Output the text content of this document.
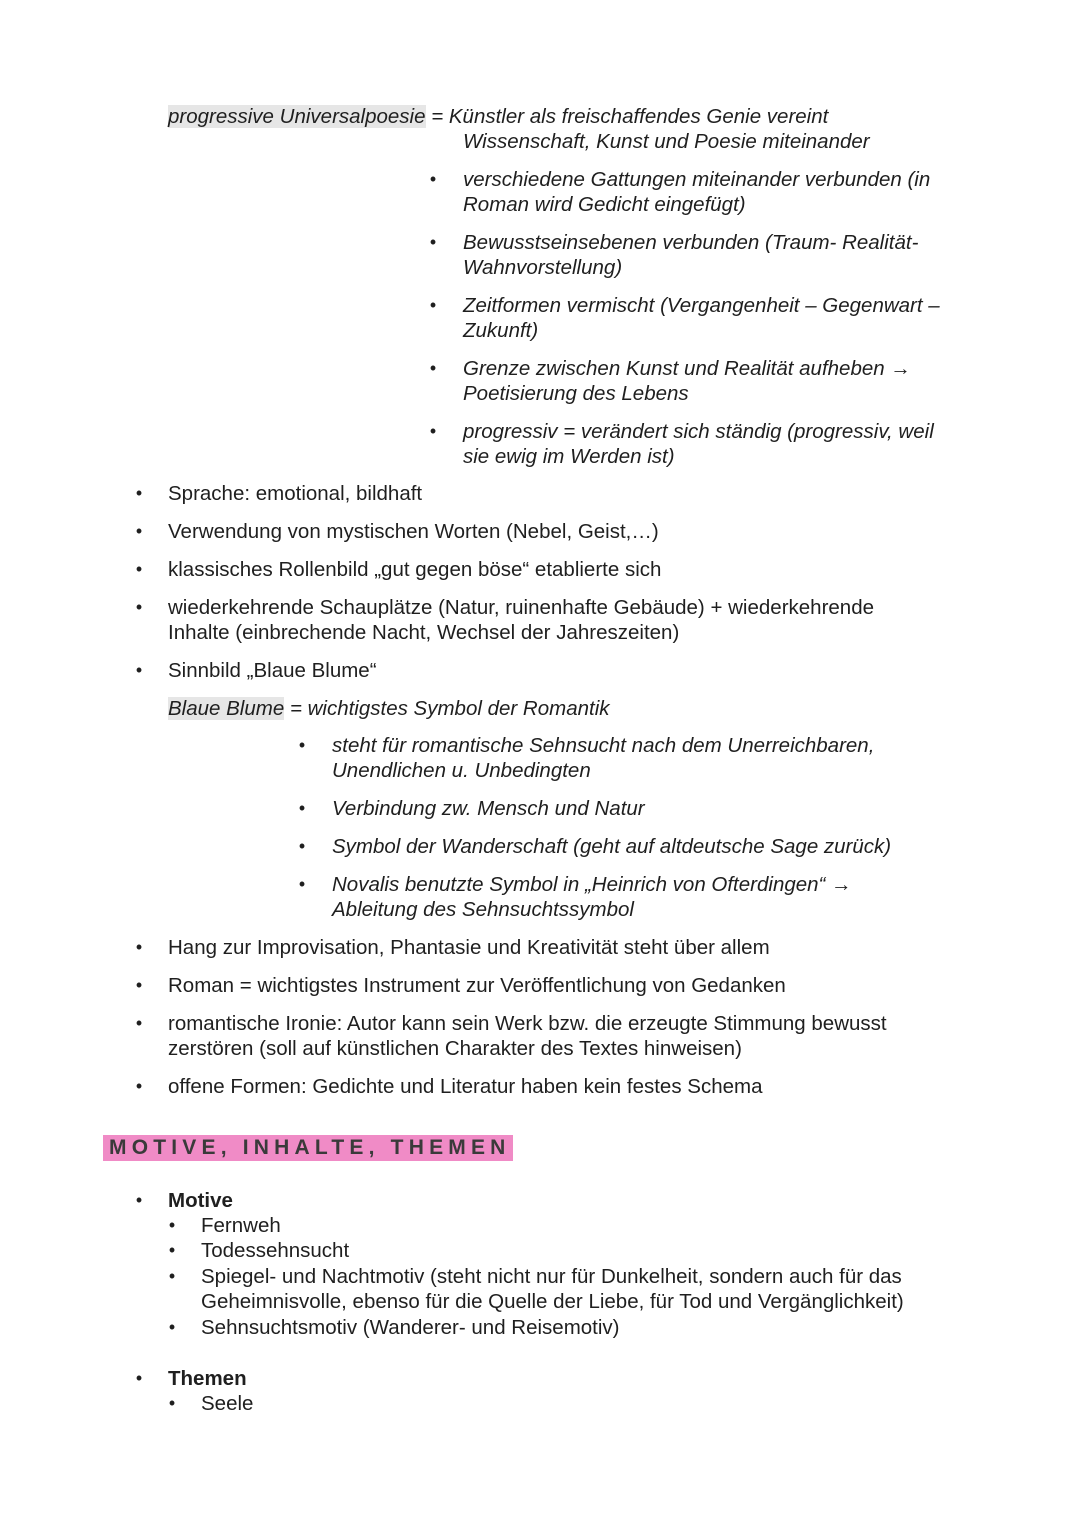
progressive Universalpoesie = Künstler als freischaffendes Genie vereint
Wissenschaft, Kunst und Poesie miteinander
•	verschiedene Gattungen miteinander verbunden (in
Roman wird Gedicht eingefügt)
•	Bewusstseinsebenen verbunden (Traum- Realität-
Wahnvorstellung)
•	Zeitformen vermischt (Vergangenheit – Gegenwart –
Zukunft)
•	Grenze zwischen Kunst und Realität aufheben →
Poetisierung des Lebens
•	progressiv = verändert sich ständig (progressiv, weil
sie ewig im Werden ist)
•	Sprache: emotional, bildhaft
•	Verwendung von mystischen Worten (Nebel, Geist,…)
•	klassisches Rollenbild „gut gegen böse“ etablierte sich
•	wiederkehrende Schauplätze (Natur, ruinenhafte Gebäude) + wiederkehrende
Inhalte (einbrechende Nacht, Wechsel der Jahreszeiten)
•	Sinnbild „Blaue Blume“
Blaue Blume = wichtigstes Symbol der Romantik
•	steht für romantische Sehnsucht nach dem Unerreichbaren,
Unendlichen u. Unbedingten
•	Verbindung zw. Mensch und Natur
•	Symbol der Wanderschaft (geht auf altdeutsche Sage zurück)
•	Novalis benutzte Symbol in „Heinrich von Ofterdingen“ →
Ableitung des Sehnsuchtssymbol
•	Hang zur Improvisation, Phantasie und Kreativität steht über allem
•	Roman = wichtigstes Instrument zur Veröffentlichung von Gedanken
•	romantische Ironie: Autor kann sein Werk bzw. die erzeugte Stimmung bewusst
zerstören (soll auf künstlichen Charakter des Textes hinweisen)
•	offene Formen: Gedichte und Literatur haben kein festes Schema
MOTIVE, INHALTE, THEMEN
•	Motive
•	Fernweh
•	Todessehnsucht
•	Spiegel- und Nachtmotiv (steht nicht nur für Dunkelheit, sondern auch für das
Geheimnisvolle, ebenso für die Quelle der Liebe, für Tod und Vergänglichkeit)
•	Sehnsuchtsmotiv (Wanderer- und Reisemotiv)
•	Themen
•	Seele
